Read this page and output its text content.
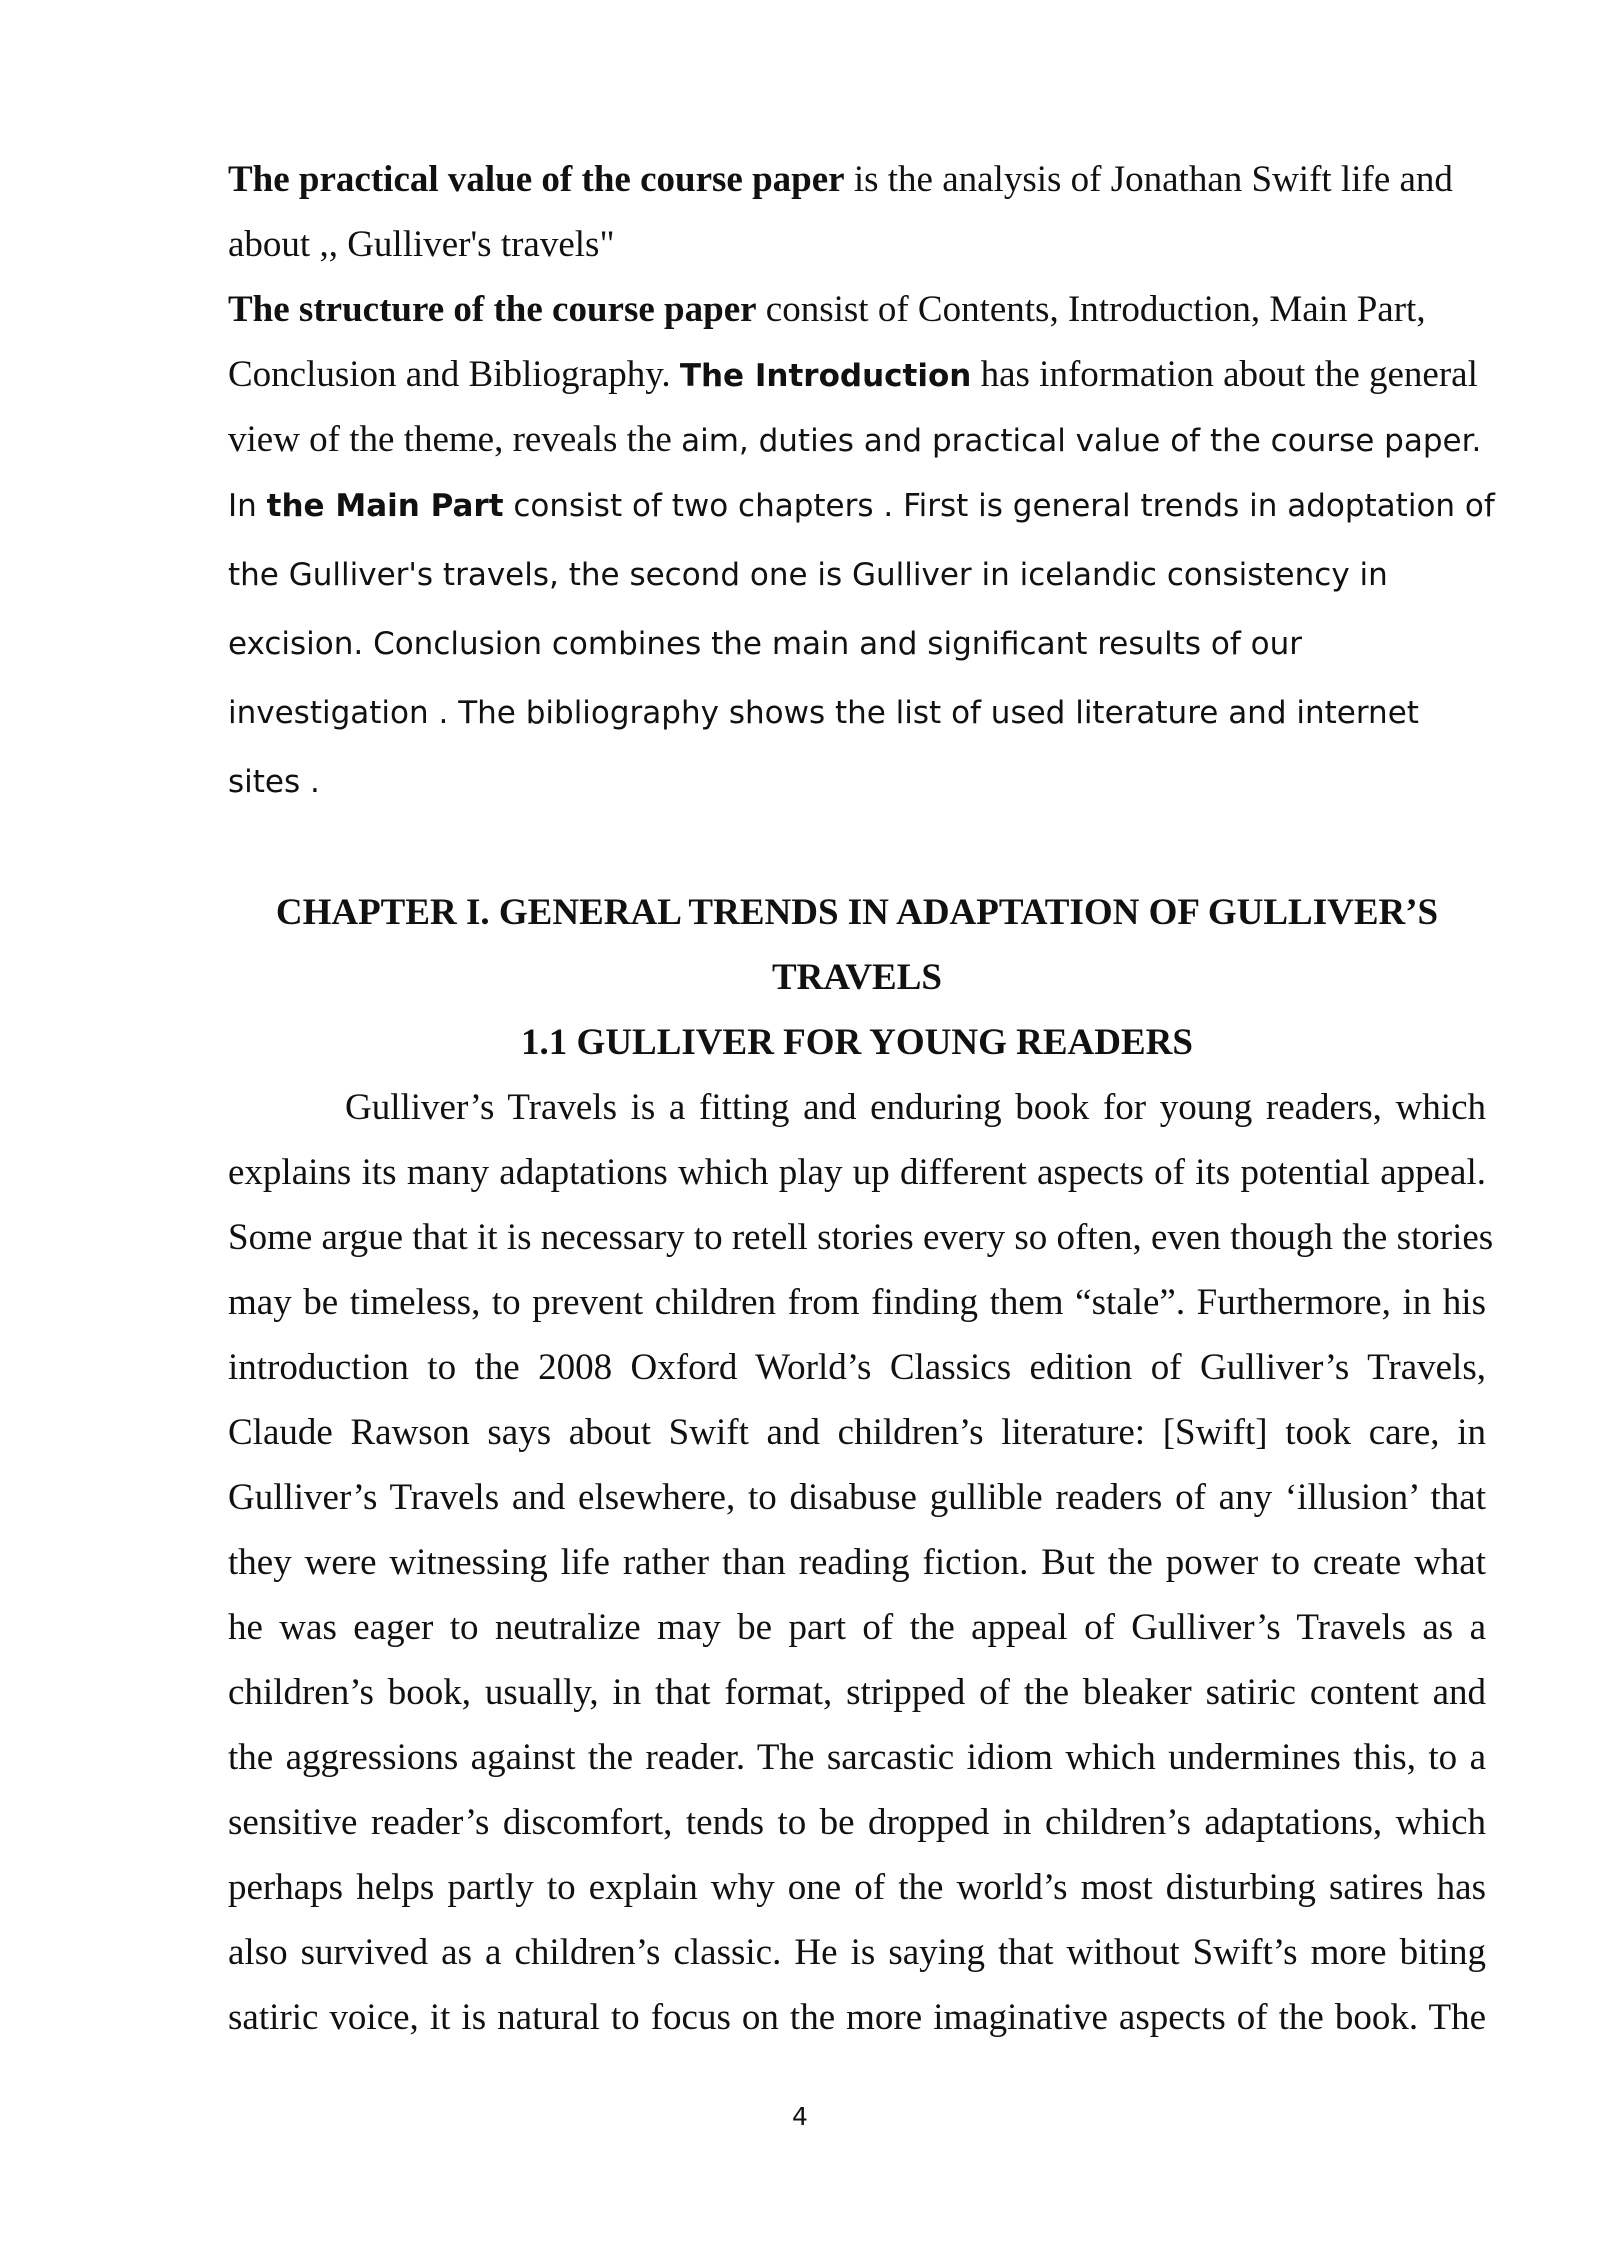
The practical value of the course paper is the analysis of Jonathan Swift life and
about ,, Gulliver's travels"
The structure of the course paper consist of Contents, Introduction, Main Part,
Conclusion and Bibliography. The Introduction has information about the general
view of the theme, reveals the aim, duties and practical value of the course paper.
In the Main Part consist of two chapters . First is general trends in adoptation of
the Gulliver's travels, the second one is Gulliver in icelandic consistency in
excision. Conclusion combines the main and significant results of our
investigation . The bibliography shows the list of used literature and internet
sites .
CHAPTER I. GENERAL TRENDS IN ADAPTATION OF GULLIVER’S
TRAVELS
1.1 GULLIVER FOR YOUNG READERS
Gulliver’s Travels is a fitting and enduring book for young readers, which
explains its many adaptations which play up different aspects of its potential appeal.
Some argue that it is necessary to retell stories every so often, even though the stories
may be timeless, to prevent children from finding them “stale”. Furthermore, in his
introduction to the 2008 Oxford World’s Classics edition of Gulliver’s Travels,
Claude Rawson says about Swift and children’s literature: [Swift] took care, in
Gulliver’s Travels and elsewhere, to disabuse gullible readers of any ‘illusion’ that
they were witnessing life rather than reading fiction. But the power to create what
he was eager to neutralize may be part of the appeal of Gulliver’s Travels as a
children’s book, usually, in that format, stripped of the bleaker satiric content and
the aggressions against the reader. The sarcastic idiom which undermines this, to a
sensitive reader’s discomfort, tends to be dropped in children’s adaptations, which
perhaps helps partly to explain why one of the world’s most disturbing satires has
also survived as a children’s classic. He is saying that without Swift’s more biting
satiric voice, it is natural to focus on the more imaginative aspects of the book. The
4
